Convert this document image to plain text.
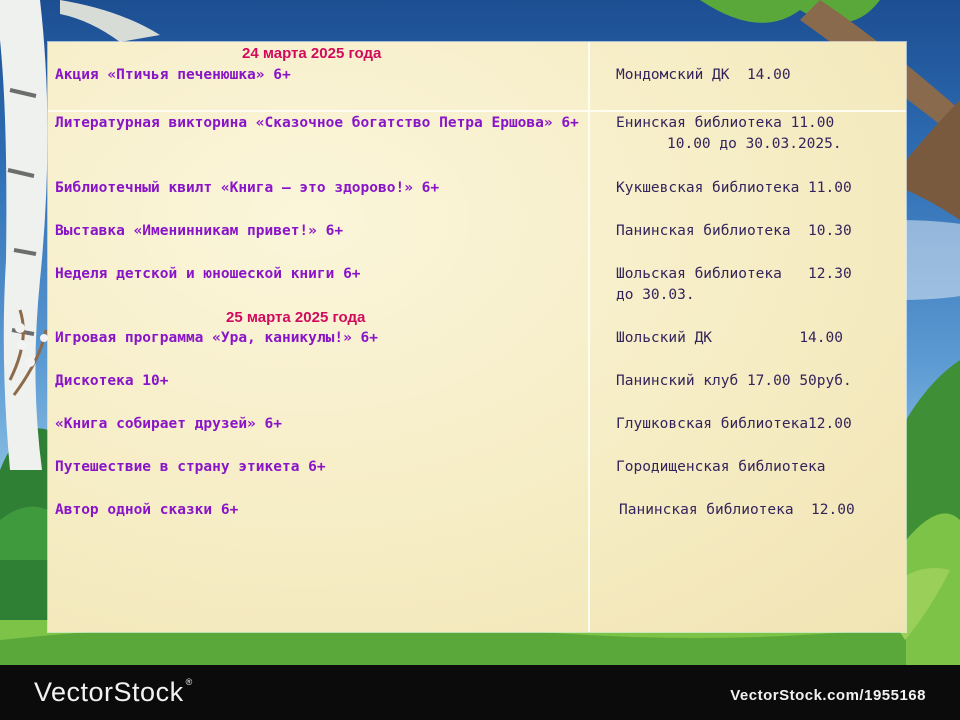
24 марта 2025 года
25 марта 2025 года
Акция «Птичья печенюшка» 6+
Литературная викторина «Сказочное богатство Петра Ершова» 6+
Библиотечный квилт «Книга – это здорово!» 6+
Выставка «Именинникам привет!» 6+
Неделя детской и юношеской книги 6+
Игровая программа «Ура, каникулы!» 6+
Дискотека 10+
«Книга собирает друзей» 6+
Путешествие в страну этикета 6+
Автор одной сказки 6+
Мондомский ДК  14.00
Енинская библиотека 11.00
10.00 до 30.03.2025.
Кукшевская библиотека 11.00
Панинская библиотека  10.30
Шольская библиотека   12.30
до 30.03.
Шольский ДК          14.00
Панинский клуб 17.00 50руб.
Глушковская библиотека12.00
Городищенская библиотека
Панинская библиотека  12.00
VectorStock ®
VectorStock.com/1955168
